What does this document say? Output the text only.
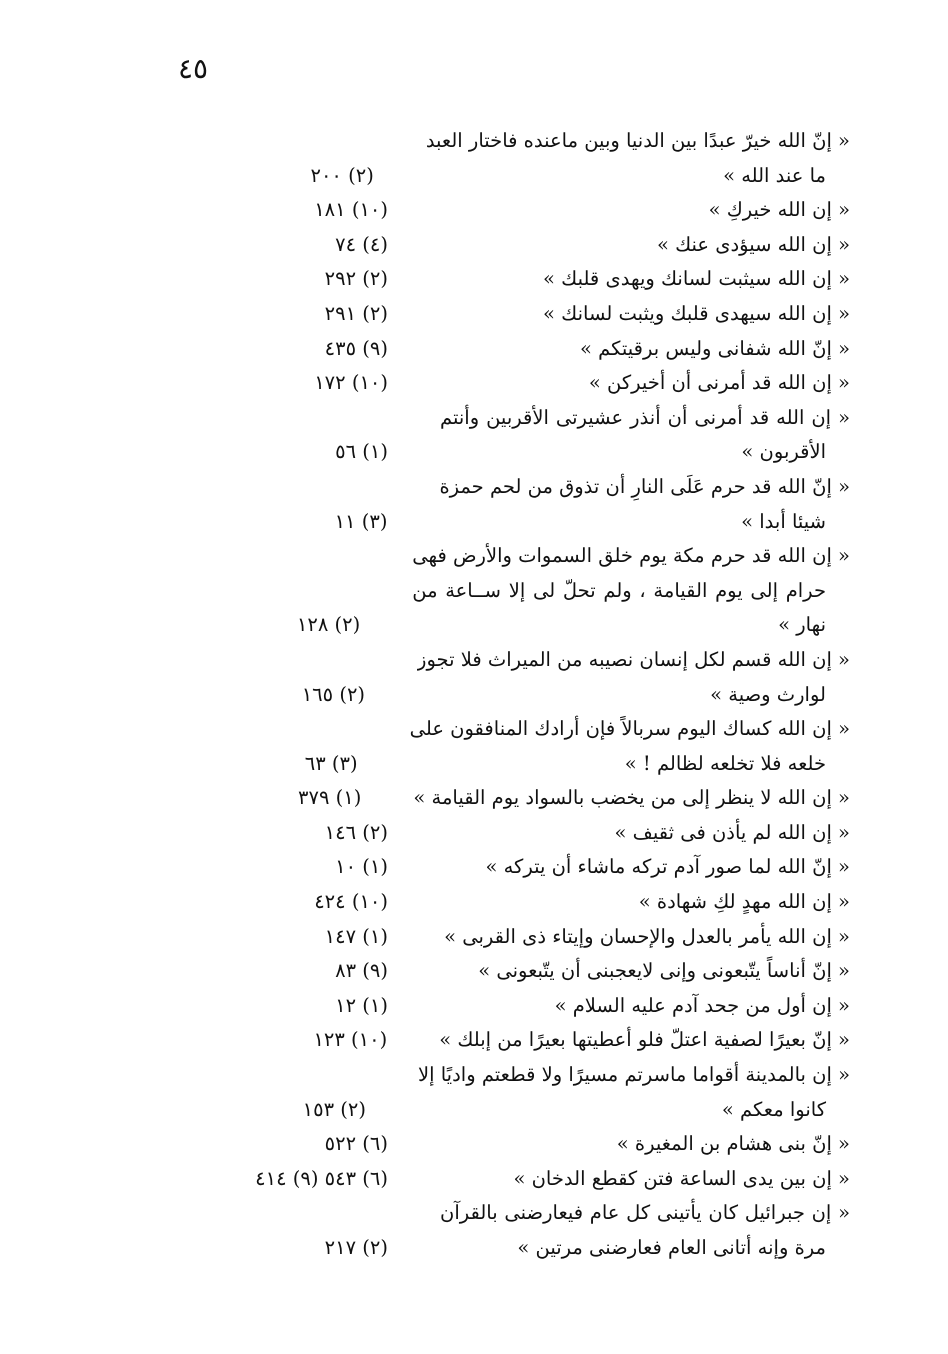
٤٥
« إنّ الله خيرّ عبدًا بين الدنيا وبين ماعنده فاختار العبد
ما عند الله »
(٢) ٢٠٠
« إن الله خيركِ »
(١٠) ١٨١
« إن الله سيؤدى عنك »
(٤) ٧٤
« إن الله سيثبت لسانك ويهدى قلبك »
(٢) ٢٩٢
« إن الله سيهدى قلبك ويثبت لسانك »
(٢) ٢٩١
« إنّ الله شفانى وليس برقيتكم »
(٩) ٤٣٥
« إن الله قد أمرنى أن أخيركن »
(١٠) ١٧٢
« إن الله قد أمرنى أن أنذر عشيرتى الأقربين وأنتم
الأقربون »
(١) ٥٦
« إنّ الله قد حرم عَلَى النارِ أن تذوق من لحم حمزة
شيئا أبدا »
(٣) ١١
« إن الله قد حرم مكة يوم خلق السموات والأرض فهى
حرام إلى يوم القيامة ، ولم تحلّ لى إلا ســاعة من
نهار »
(٢) ١٢٨
« إن الله قسم لكل إنسان نصيبه من الميراث فلا تجوز
لوارث وصية »
(٢) ١٦٥
« إن الله كساك اليوم سربالاً فإن أرادك المنافقون على
خلعه فلا تخلعه لظالم ! »
(٣) ٦٣
« إن الله لا ينظر إلى من يخضب بالسواد يوم القيامة »
(١) ٣٧٩
« إن الله لم يأذن فى ثقيف »
(٢) ١٤٦
« إنّ الله لما صور آدم تركه ماشاء أن يتركه »
(١) ١٠
« إن الله مهدٍ لكِ شهادة »
(١٠) ٤٢٤
« إن الله يأمر بالعدل والإحسان وإيتاء ذى القربى »
(١) ١٤٧
« إنّ أناساً يتّبعونى وإنى لايعجبنى أن يتّبعونى »
(٩) ٨٣
« إن أول من جحد آدم عليه السلام »
(١) ١٢
« إنّ بعيرًا لصفية اعتلّ فلو أعطيتها بعيرًا من إبلك »
(١٠) ١٢٣
« إن بالمدينة أقواما ماسرتم مسيرًا ولا قطعتم واديًا إلا
كانوا معكم »
(٢) ١٥٣
« إنّ بنى هشام بن المغيرة »
(٦) ٥٢٢
« إن بين يدى الساعة فتن كقطع الدخان »
(٦) ٥٤٣ (٩) ٤١٤
« إن جبرائيل كان يأتينى كل عام فيعارضنى بالقرآن
مرة وإنه أتانى العام فعارضنى مرتين »
(٢) ٢١٧
